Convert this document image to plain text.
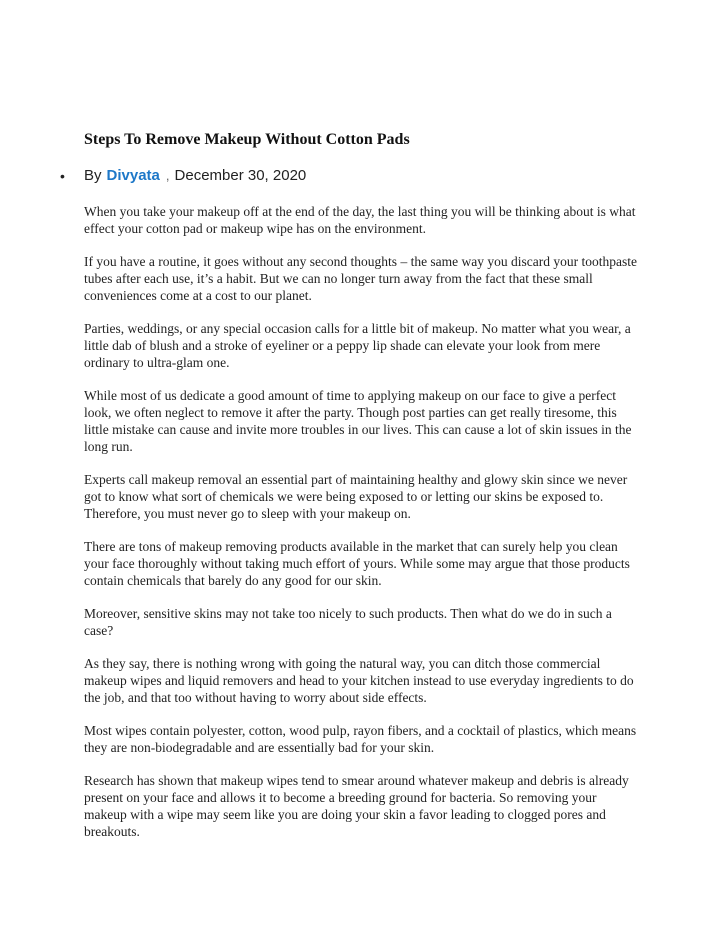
Steps To Remove Makeup Without Cotton Pads
•	By Divyata , December 30, 2020

When you take your makeup off at the end of the day, the last thing you will be thinking about is what effect your cotton pad or makeup wipe has on the environment.

If you have a routine, it goes without any second thoughts – the same way you discard your toothpaste tubes after each use, it’s a habit. But we can no longer turn away from the fact that these small conveniences come at a cost to our planet.

Parties, weddings, or any special occasion calls for a little bit of makeup. No matter what you wear, a little dab of blush and a stroke of eyeliner or a peppy lip shade can elevate your look from mere ordinary to ultra-glam one.

While most of us dedicate a good amount of time to applying makeup on our face to give a perfect look, we often neglect to remove it after the party. Though post parties can get really tiresome, this little mistake can cause and invite more troubles in our lives. This can cause a lot of skin issues in the long run.

Experts call makeup removal an essential part of maintaining healthy and glowy skin since we never got to know what sort of chemicals we were being exposed to or letting our skins be exposed to. Therefore, you must never go to sleep with your makeup on.

There are tons of makeup removing products available in the market that can surely help you clean your face thoroughly without taking much effort of yours. While some may argue that those products contain chemicals that barely do any good for our skin.

Moreover, sensitive skins may not take too nicely to such products. Then what do we do in such a case?

As they say, there is nothing wrong with going the natural way, you can ditch those commercial makeup wipes and liquid removers and head to your kitchen instead to use everyday ingredients to do the job, and that too without having to worry about side effects.

Most wipes contain polyester, cotton, wood pulp, rayon fibers, and a cocktail of plastics, which means they are non-biodegradable and are essentially bad for your skin.

Research has shown that makeup wipes tend to smear around whatever makeup and debris is already present on your face and allows it to become a breeding ground for bacteria. So removing your makeup with a wipe may seem like you are doing your skin a favor leading to clogged pores and breakouts.
